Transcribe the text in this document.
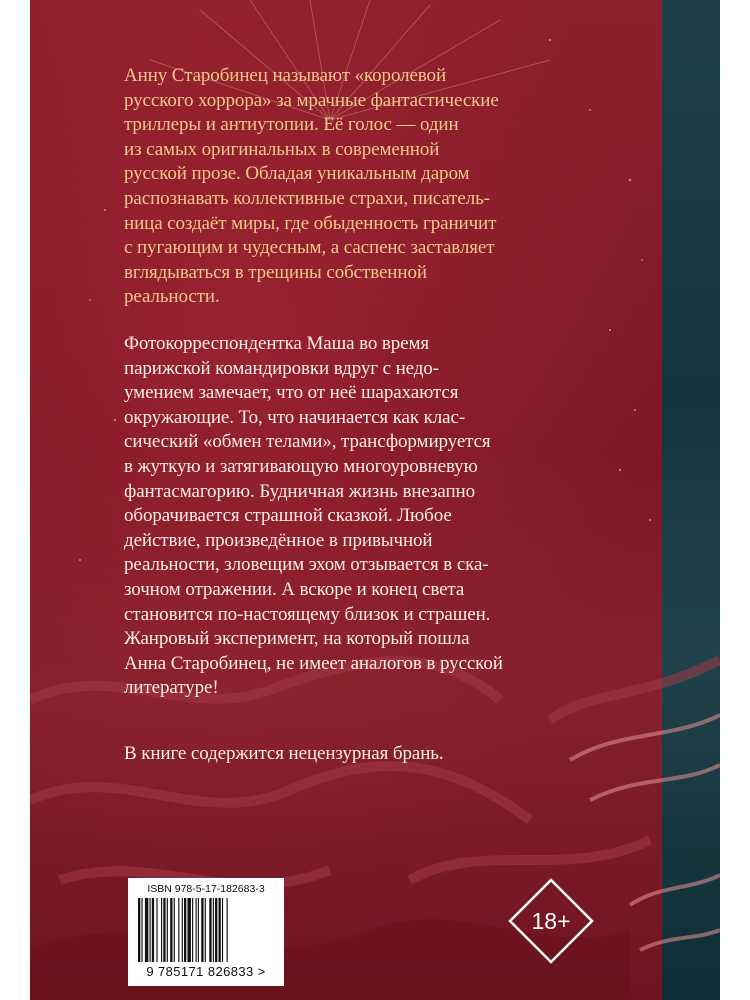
Анну Старобинец называют «королевой
русского хоррора» за мрачные фантастические
триллеры и антиутопии. Её голос — один
из самых оригинальных в современной
русской прозе. Обладая уникальным даром
распознавать коллективные страхи, писатель-
ница создаёт миры, где обыденность граничит
с пугающим и чудесным, а саспенс заставляет
вглядываться в трещины собственной
реальности.
Фотокорреспондентка Маша во время
парижской командировки вдруг с недо-
умением замечает, что от неё шарахаются
окружающие. То, что начинается как клас-
сический «обмен телами», трансформируется
в жуткую и затягивающую многоуровневую
фантасмагорию. Будничная жизнь внезапно
оборачивается страшной сказкой. Любое
действие, произведённое в привычной
реальности, зловещим эхом отзывается в ска-
зочном отражении. А вскоре и конец света
становится по-настоящему близок и страшен.
Жанровый эксперимент, на который пошла
Анна Старобинец, не имеет аналогов в русской
литературе!
В книге содержится нецензурная брань.
ISBN 978-5-17-182683-3
9 785171 826833 >
18+
